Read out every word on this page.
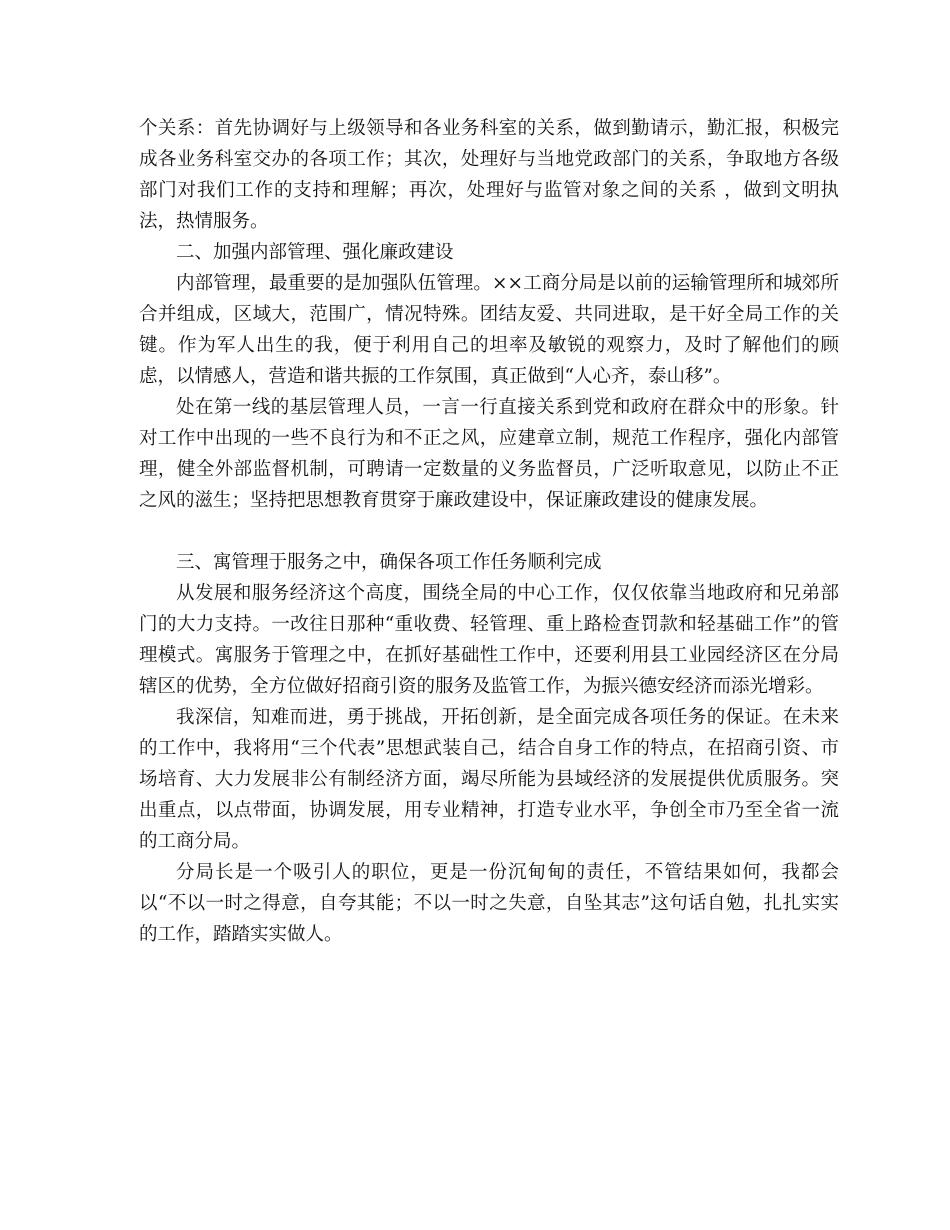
个关系：首先协调好与上级领导和各业务科室的关系，做到勤请示，勤汇报，积极完成各业务科室交办的各项工作；其次，处理好与当地党政部门的关系，争取地方各级部门对我们工作的支持和理解；再次，处理好与监管对象之间的关系 ，做到文明执法，热情服务。

二、加强内部管理、强化廉政建设

内部管理，最重要的是加强队伍管理。××工商分局是以前的运输管理所和城郊所合并组成，区域大，范围广，情况特殊。团结友爱、共同进取，是干好全局工作的关键。作为军人出生的我，便于利用自己的坦率及敏锐的观察力，及时了解他们的顾虑，以情感人，营造和谐共振的工作氛围，真正做到“人心齐，泰山移”。

处在第一线的基层管理人员，一言一行直接关系到党和政府在群众中的形象。针对工作中出现的一些不良行为和不正之风，应建章立制，规范工作程序，强化内部管理，健全外部监督机制，可聘请一定数量的义务监督员，广泛听取意见，以防止不正之风的滋生；坚持把思想教育贯穿于廉政建设中，保证廉政建设的健康发展。

三、寓管理于服务之中，确保各项工作任务顺利完成

从发展和服务经济这个高度，围绕全局的中心工作，仅仅依靠当地政府和兄弟部门的大力支持。一改往日那种“重收费、轻管理、重上路检查罚款和轻基础工作”的管理模式。寓服务于管理之中，在抓好基础性工作中，还要利用县工业园经济区在分局辖区的优势，全方位做好招商引资的服务及监管工作，为振兴德安经济而添光增彩。

我深信，知难而进，勇于挑战，开拓创新，是全面完成各项任务的保证。在未来的工作中，我将用“三个代表”思想武装自己，结合自身工作的特点，在招商引资、市场培育、大力发展非公有制经济方面，竭尽所能为县域经济的发展提供优质服务。突出重点，以点带面，协调发展，用专业精神，打造专业水平，争创全市乃至全省一流的工商分局。

分局长是一个吸引人的职位，更是一份沉甸甸的责任，不管结果如何，我都会以“不以一时之得意，自夸其能；不以一时之失意，自坠其志”这句话自勉，扎扎实实的工作，踏踏实实做人。
